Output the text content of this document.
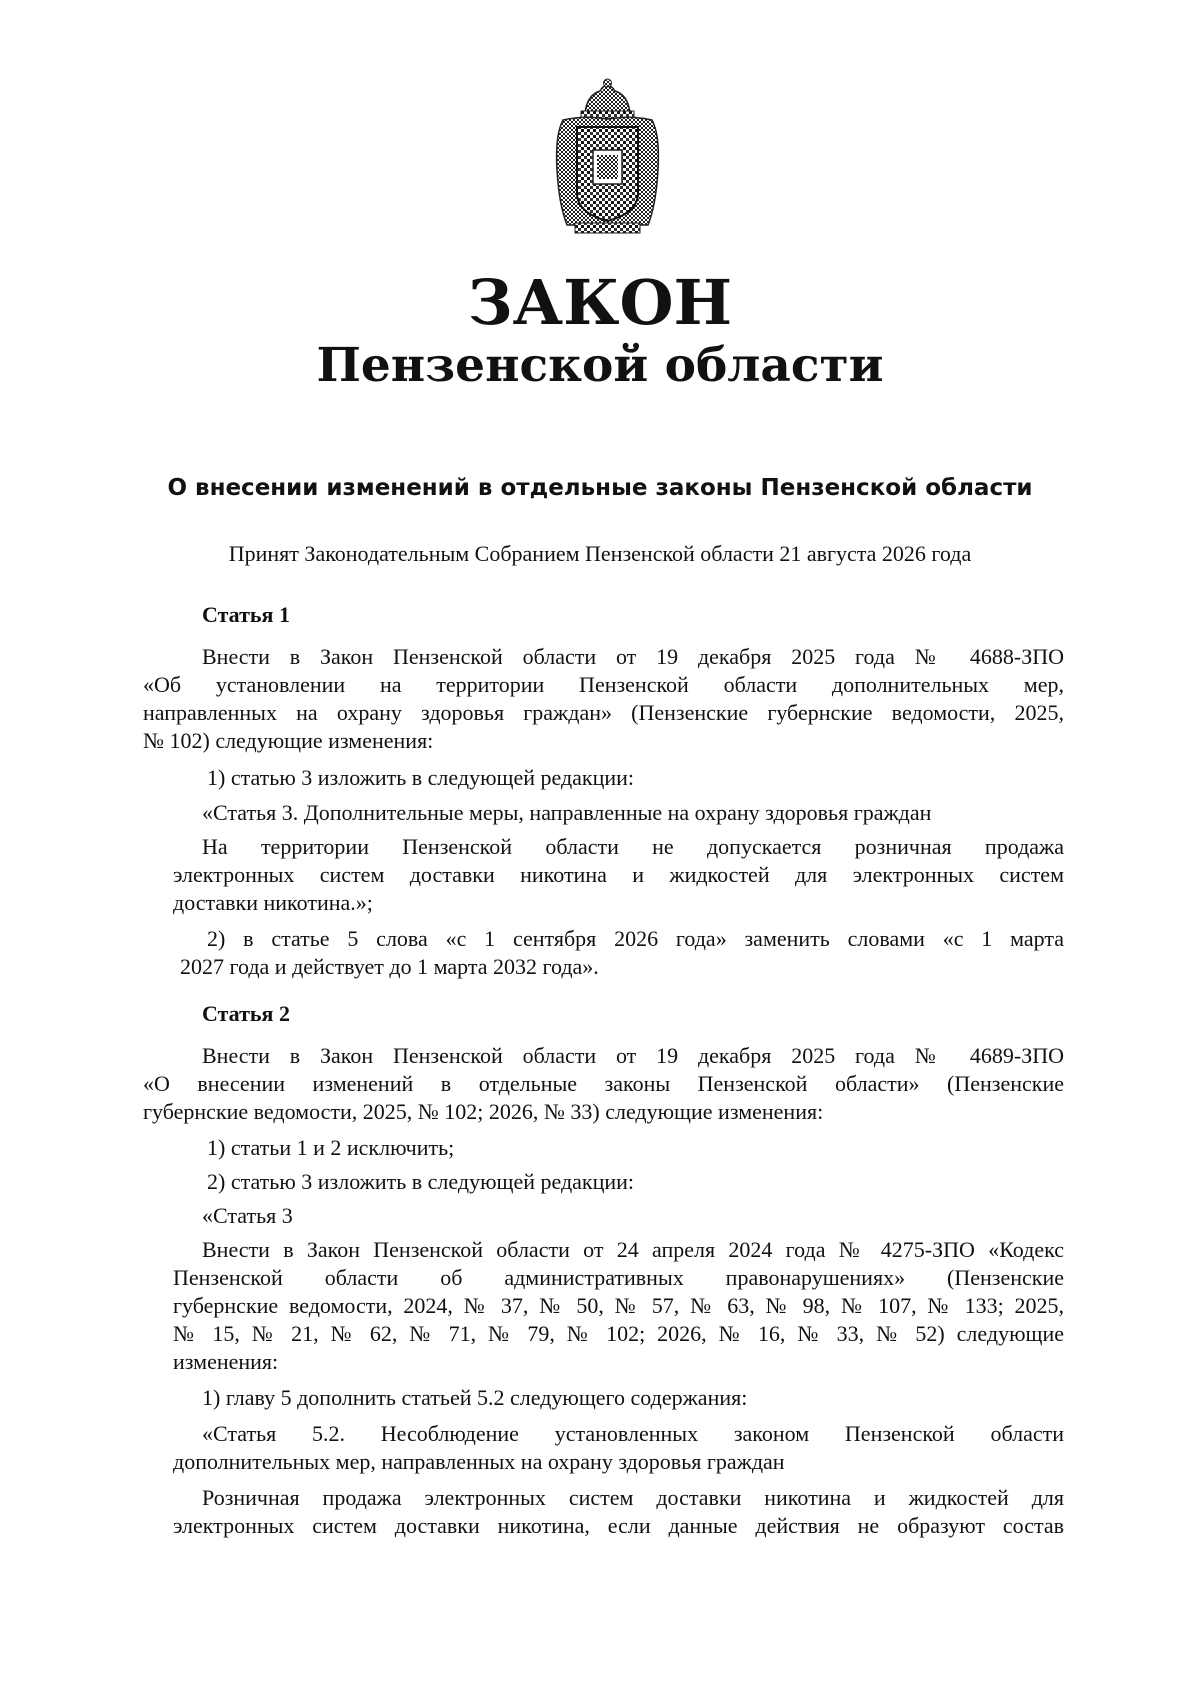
ЗАКОН
Пензенской области

О внесении изменений в отдельные законы Пензенской области

Принят Законодательным Собранием Пензенской области 21 августа 2026 года

Статья 1

Внести в Закон Пензенской области от 19 декабря 2025 года № 4688-ЗПО
«Об установлении на территории Пензенской области дополнительных мер,
направленных на охрану здоровья граждан» (Пензенские губернские ведомости, 2025,
№ 102) следующие изменения:
1) статью 3 изложить в следующей редакции:
«Статья 3. Дополнительные меры, направленные на охрану здоровья граждан
На территории Пензенской области не допускается розничная продажа
электронных систем доставки никотина и жидкостей для электронных систем
доставки никотина.»;
2) в статье 5 слова «с 1 сентября 2026 года» заменить словами «с 1 марта
2027 года и действует до 1 марта 2032 года».

Статья 2

Внести в Закон Пензенской области от 19 декабря 2025 года № 4689-ЗПО
«О внесении изменений в отдельные законы Пензенской области» (Пензенские
губернские ведомости, 2025, № 102; 2026, № 33) следующие изменения:
1) статьи 1 и 2 исключить;
2) статью 3 изложить в следующей редакции:
«Статья 3
Внести в Закон Пензенской области от 24 апреля 2024 года № 4275-ЗПО «Кодекс
Пензенской области об административных правонарушениях» (Пензенские
губернские ведомости, 2024, № 37, № 50, № 57, № 63, № 98, № 107, № 133; 2025,
№ 15, № 21, № 62, № 71, № 79, № 102; 2026, № 16, № 33, № 52) следующие
изменения:
1) главу 5 дополнить статьей 5.2 следующего содержания:
«Статья 5.2. Несоблюдение установленных законом Пензенской области
дополнительных мер, направленных на охрану здоровья граждан
Розничная продажа электронных систем доставки никотина и жидкостей для
электронных систем доставки никотина, если данные действия не образуют состав
